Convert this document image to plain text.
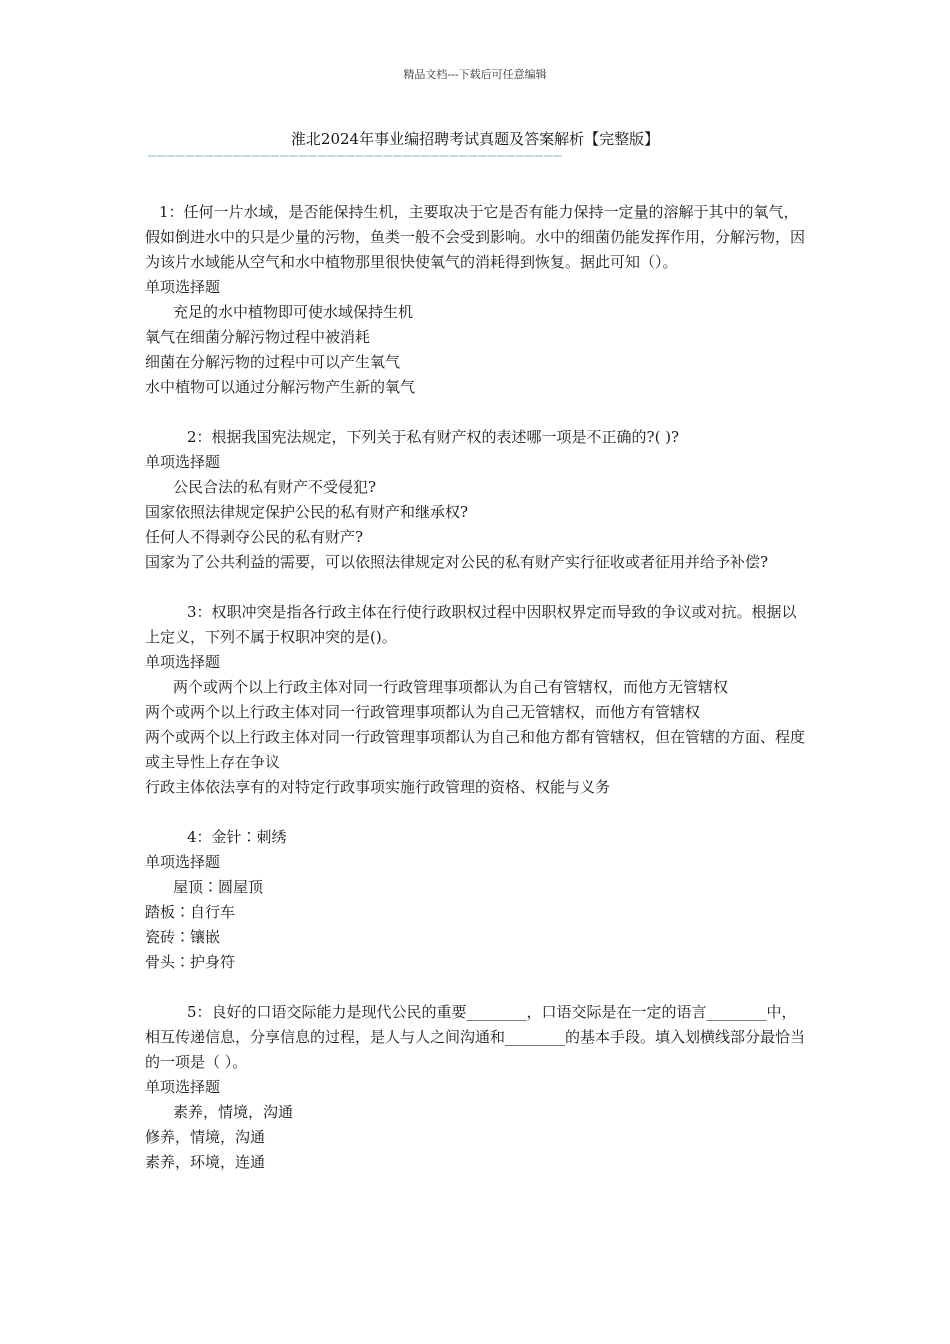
精品文档---下载后可任意编辑
淮北2024年事业编招聘考试真题及答案解析【完整版】
————————————————————————————————————————————

1：任何一片水域，是否能保持生机，主要取决于它是否有能力保持一定量的溶解于其中的氧气，假如倒进水中的只是少量的污物，鱼类一般不会受到影响。水中的细菌仍能发挥作用，分解污物，因为该片水域能从空气和水中植物那里很快使氧气的消耗得到恢复。据此可知（）。

单项选择题

充足的水中植物即可使水域保持生机

氧气在细菌分解污物过程中被消耗

细菌在分解污物的过程中可以产生氧气

水中植物可以通过分解污物产生新的氧气

2：根据我国宪法规定，下列关于私有财产权的表述哪一项是不正确的?( )?

单项选择题

公民合法的私有财产不受侵犯?

国家依照法律规定保护公民的私有财产和继承权?

任何人不得剥夺公民的私有财产?

国家为了公共利益的需要，可以依照法律规定对公民的私有财产实行征收或者征用并给予补偿?

3：权职冲突是指各行政主体在行使行政职权过程中因职权界定而导致的争议或对抗。根据以上定义，下列不属于权职冲突的是()。

单项选择题

两个或两个以上行政主体对同一行政管理事项都认为自己有管辖权，而他方无管辖权

两个或两个以上行政主体对同一行政管理事项都认为自己无管辖权，而他方有管辖权

两个或两个以上行政主体对同一行政管理事项都认为自己和他方都有管辖权，但在管辖的方面、程度或主导性上存在争议

行政主体依法享有的对特定行政事项实施行政管理的资格、权能与义务

4：金针∶刺绣

单项选择题

屋顶∶圆屋顶

踏板∶自行车

瓷砖∶镶嵌

骨头∶护身符

5：良好的口语交际能力是现代公民的重要________，口语交际是在一定的语言________中，相互传递信息，分享信息的过程，是人与人之间沟通和________的基本手段。填入划横线部分最恰当的一项是（ ）。

单项选择题

素养，情境，沟通

修养，情境，沟通

素养，环境，连通
